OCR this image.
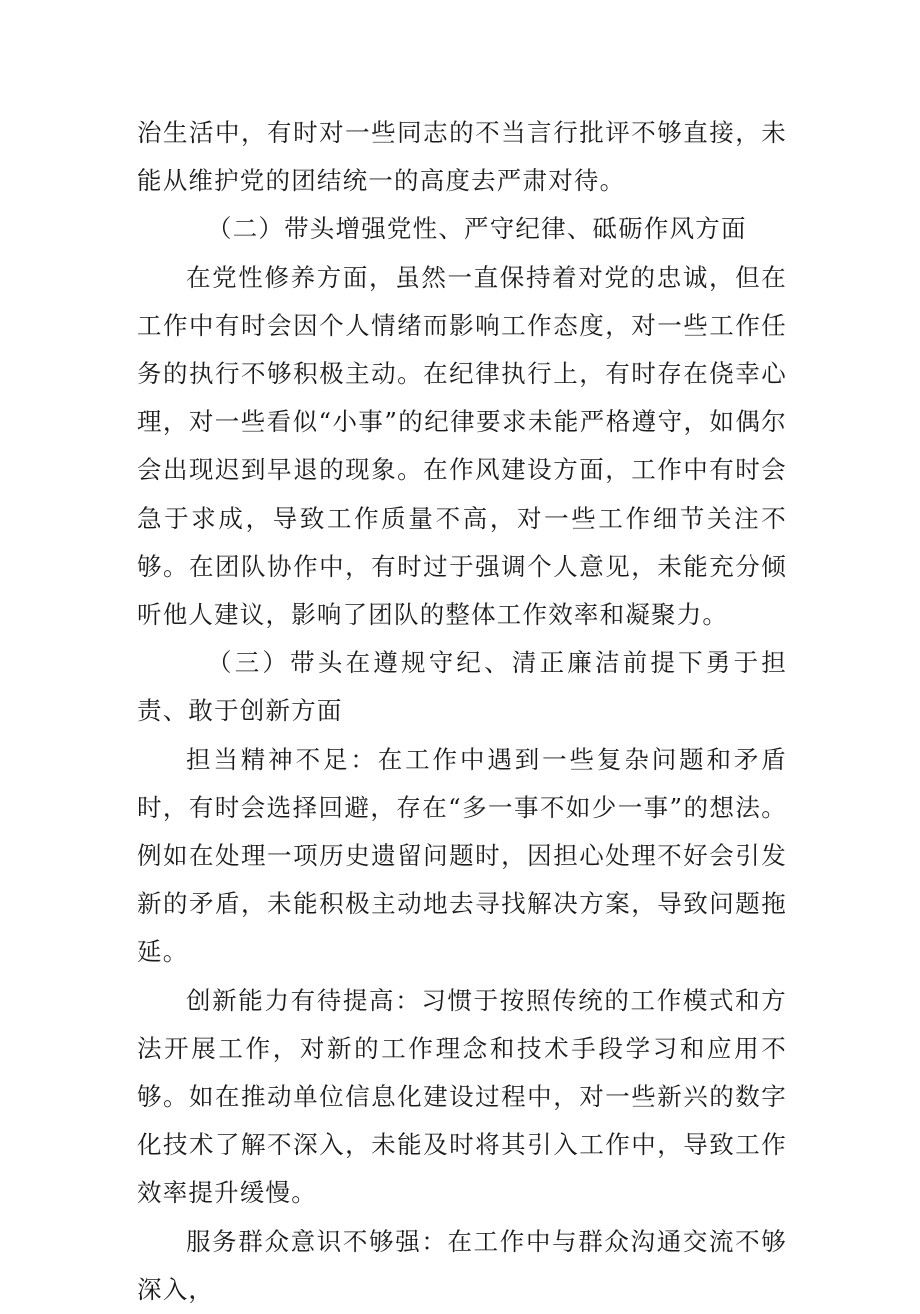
治生活中，有时对一些同志的不当言行批评不够直接，未能从维护党的团结统一的高度去严肃对待。

（二）带头增强党性、严守纪律、砥砺作风方面

在党性修养方面，虽然一直保持着对党的忠诚，但在工作中有时会因个人情绪而影响工作态度，对一些工作任务的执行不够积极主动。在纪律执行上，有时存在侥幸心理，对一些看似“小事”的纪律要求未能严格遵守，如偶尔会出现迟到早退的现象。在作风建设方面，工作中有时会急于求成，导致工作质量不高，对一些工作细节关注不够。在团队协作中，有时过于强调个人意见，未能充分倾听他人建议，影响了团队的整体工作效率和凝聚力。

（三）带头在遵规守纪、清正廉洁前提下勇于担责、敢于创新方面

担当精神不足：在工作中遇到一些复杂问题和矛盾时，有时会选择回避，存在“多一事不如少一事”的想法。例如在处理一项历史遗留问题时，因担心处理不好会引发新的矛盾，未能积极主动地去寻找解决方案，导致问题拖延。

创新能力有待提高：习惯于按照传统的工作模式和方法开展工作，对新的工作理念和技术手段学习和应用不够。如在推动单位信息化建设过程中，对一些新兴的数字化技术了解不深入，未能及时将其引入工作中，导致工作效率提升缓慢。

服务群众意识不够强：在工作中与群众沟通交流不够深入，
